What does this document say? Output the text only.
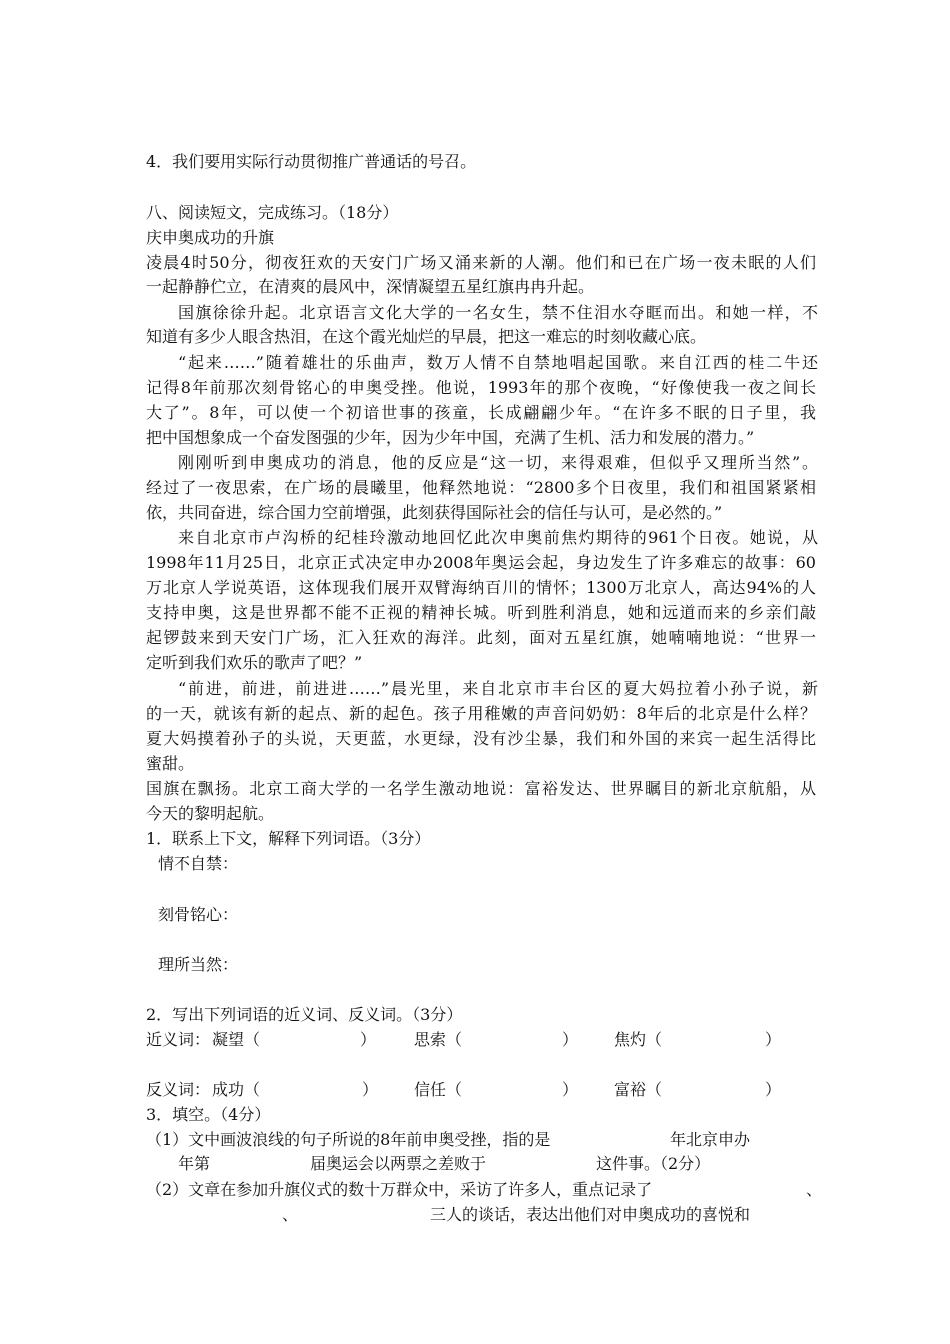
4．我们要用实际行动贯彻推广普通话的号召。
八、阅读短文，完成练习。（18分）
庆申奥成功的升旗
凌晨4时50分，彻夜狂欢的天安门广场又涌来新的人潮。他们和已在广场一夜未眠的人们
一起静静伫立，在清爽的晨风中，深情凝望五星红旗冉冉升起。
国旗徐徐升起。北京语言文化大学的一名女生，禁不住泪水夺眶而出。和她一样，不
知道有多少人眼含热泪，在这个霞光灿烂的早晨，把这一难忘的时刻收藏心底。
“起来……”随着雄壮的乐曲声，数万人情不自禁地唱起国歌。来自江西的桂二牛还
记得8年前那次刻骨铭心的申奥受挫。他说，1993年的那个夜晚，“好像使我一夜之间长
大了”。8年，可以使一个初谙世事的孩童，长成翩翩少年。“在许多不眠的日子里，我
把中国想象成一个奋发图强的少年，因为少年中国，充满了生机、活力和发展的潜力。”
刚刚听到申奥成功的消息，他的反应是“这一切，来得艰难，但似乎又理所当然”。
经过了一夜思索，在广场的晨曦里，他释然地说：“2800多个日夜里，我们和祖国紧紧相
依，共同奋进，综合国力空前增强，此刻获得国际社会的信任与认可，是必然的。”
来自北京市卢沟桥的纪桂玲激动地回忆此次申奥前焦灼期待的961个日夜。她说，从
1998年11月25日，北京正式决定申办2008年奥运会起，身边发生了许多难忘的故事：60
万北京人学说英语，这体现我们展开双臂海纳百川的情怀；1300万北京人，高达94%的人
支持申奥，这是世界都不能不正视的精神长城。听到胜利消息，她和远道而来的乡亲们敲
起锣鼓来到天安门广场，汇入狂欢的海洋。此刻，面对五星红旗，她喃喃地说：“世界一
定听到我们欢乐的歌声了吧？”
“前进，前进，前进进……”晨光里，来自北京市丰台区的夏大妈拉着小孙子说，新
的一天，就该有新的起点、新的起色。孩子用稚嫩的声音问奶奶：8年后的北京是什么样？
夏大妈摸着孙子的头说，天更蓝，水更绿，没有沙尘暴，我们和外国的来宾一起生活得比
蜜甜。
国旗在飘扬。北京工商大学的一名学生激动地说：富裕发达、世界瞩目的新北京航船，从
今天的黎明起航。
1．联系上下文，解释下列词语。（3分）
情不自禁：
刻骨铭心：
理所当然：
2．写出下列词语的近义词、反义词。（3分）
近义词： 凝望（	） 思索（	） 焦灼（	）
反义词： 成功（	） 信任（	） 富裕（	）
3．填空。（4分）
（1）文中画波浪线的句子所说的8年前申奥受挫，指的是	年北京申办
年第	届奥运会以两票之差败于	这件事。（2分）
（2）文章在参加升旗仪式的数十万群众中，采访了许多人，重点记录了	、
、	三人的谈话，表达出他们对申奥成功的喜悦和
